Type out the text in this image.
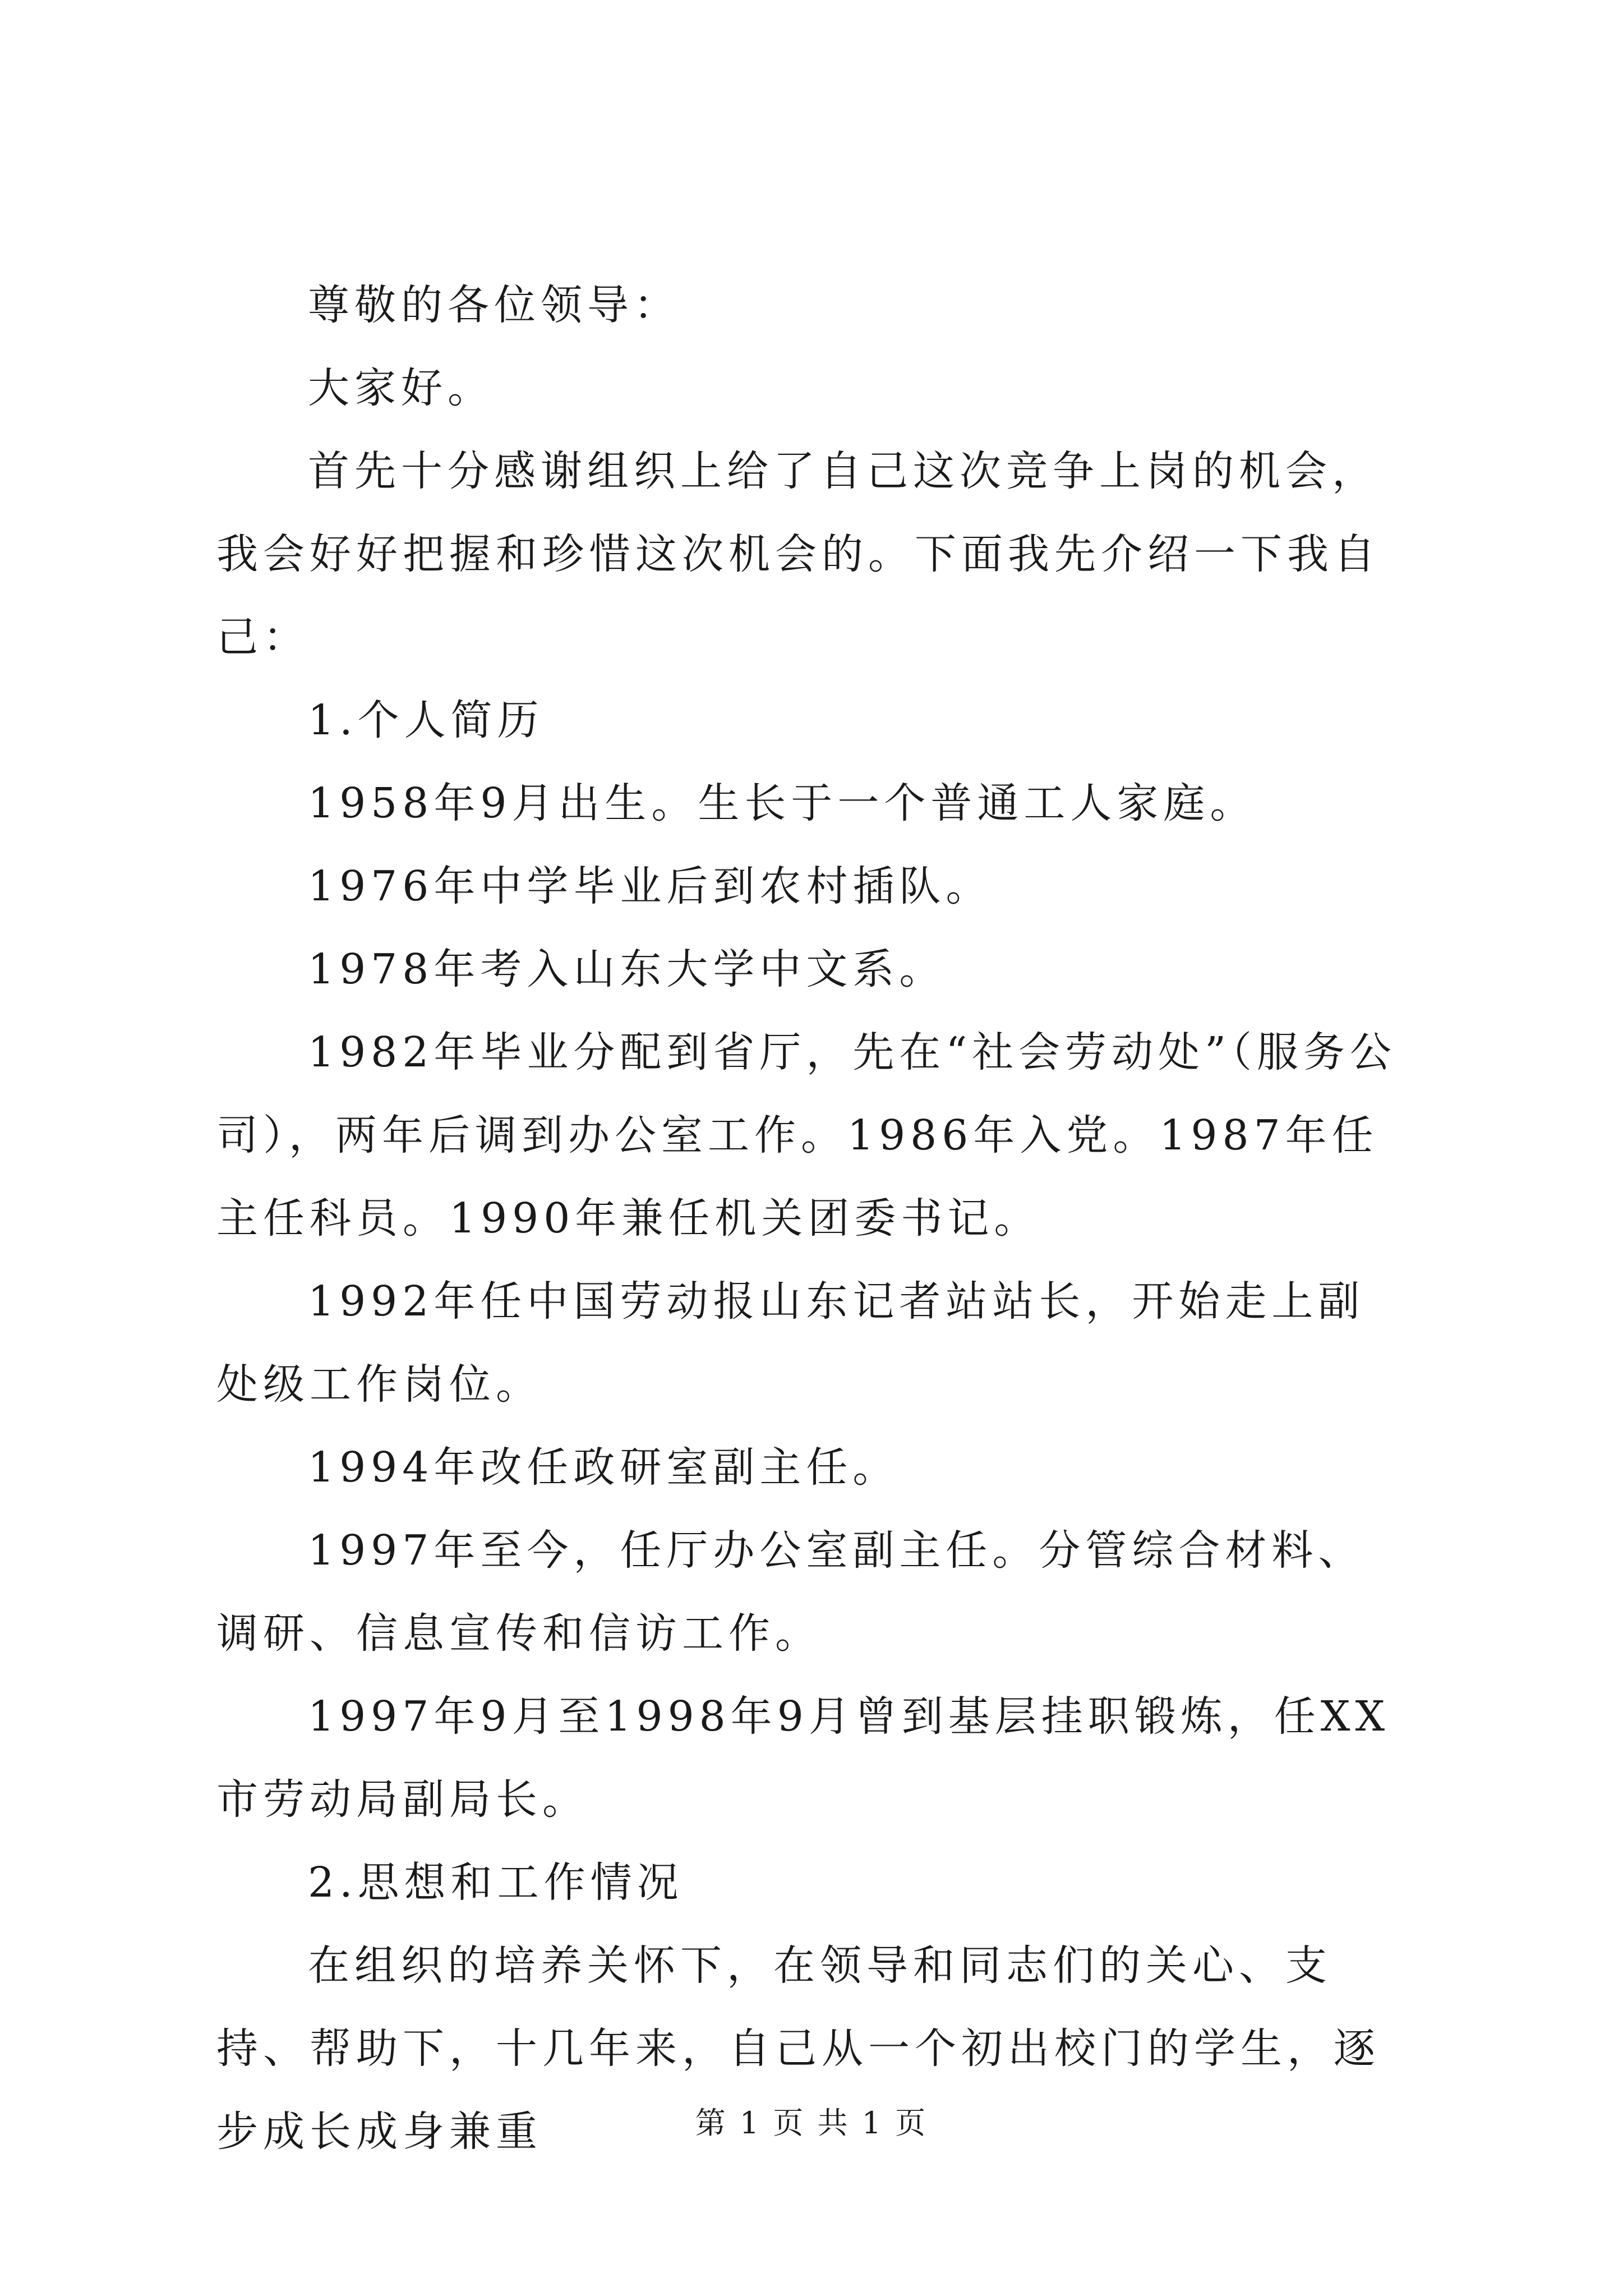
尊敬的各位领导：

大家好。

首先十分感谢组织上给了自己这次竞争上岗的机会，我会好好把握和珍惜这次机会的。下面我先介绍一下我自己：

1.个人简历

1958年9月出生。生长于一个普通工人家庭。

1976年中学毕业后到农村插队。

1978年考入山东大学中文系。

1982年毕业分配到省厅，先在“社会劳动处”（服务公司），两年后调到办公室工作。1986年入党。1987年任主任科员。1990年兼任机关团委书记。

1992年任中国劳动报山东记者站站长，开始走上副处级工作岗位。

1994年改任政研室副主任。

1997年至今，任厅办公室副主任。分管综合材料、调研、信息宣传和信访工作。

1997年9月至1998年9月曾到基层挂职锻炼，任XX市劳动局副局长。

2.思想和工作情况

在组织的培养关怀下，在领导和同志们的关心、支持、帮助下，十几年来，自己从一个初出校门的学生，逐步成长成身兼重	第 1 页 共 1 页
